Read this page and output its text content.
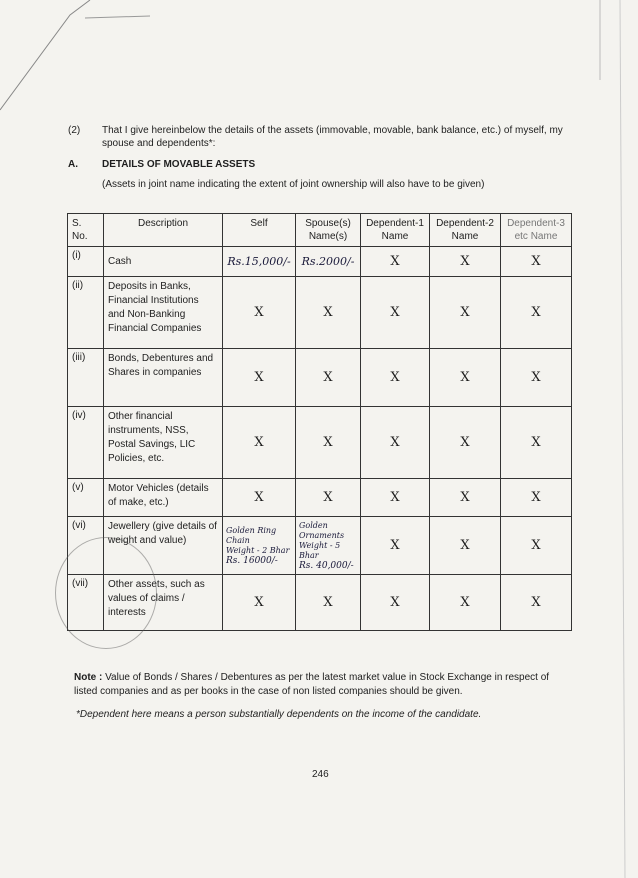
(2) That I give hereinbelow the details of the assets (immovable, movable, bank balance, etc.) of myself, my spouse and dependents*:
A. DETAILS OF MOVABLE ASSETS
(Assets in joint name indicating the extent of joint ownership will also have to be given)
S. No.	Description	Self	Spouse(s) Name(s)	Dependent-1 Name	Dependent-2 Name	Dependent-3 etc Name
(i)	Cash	Rs.15,000/-	Rs.2000/-	X	X	X
(ii)	Deposits in Banks, Financial Institutions and Non-Banking Financial Companies	X	X	X	X	X
(iii)	Bonds, Debentures and Shares in companies	X	X	X	X	X
(iv)	Other financial instruments, NSS, Postal Savings, LIC Policies, etc.	X	X	X	X	X
(v)	Motor Vehicles (details of make, etc.)	X	X	X	X	X
(vi)	Jewellery (give details of weight and value)	Golden Ring
Chain
Weight - 2 Bhar
Rs. 16000/-	Golden Ornaments
Weight - 5 Bhar
Rs. 40,000/-	X	X	X
(vii)	Other assets, such as values of claims / interests	X	X	X	X	X
Note : Value of Bonds / Shares / Debentures as per the latest market value in Stock Exchange in respect of listed companies and as per books in the case of non listed companies should be given.
*Dependent here means a person substantially dependents on the income of the candidate.
246
